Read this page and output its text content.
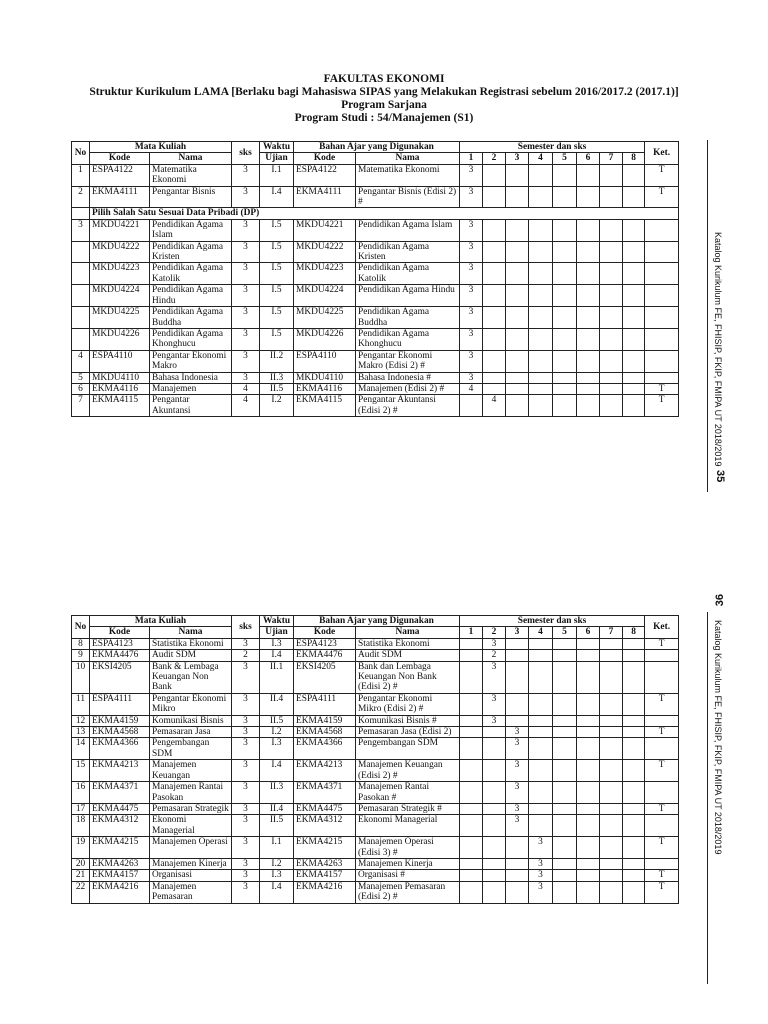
FAKULTAS EKONOMI
Struktur Kurikulum LAMA [Berlaku bagi Mahasiswa SIPAS yang Melakukan Registrasi sebelum 2016/2017.2 (2017.1)]
Program Sarjana
Program Studi : 54/Manajemen (S1)
No	Mata Kuliah		sks	Waktu	Bahan Ajar yang Digunakan		Semester dan sks								Ket.
	Kode	Nama		Ujian	Kode	Nama	1	2	3	4	5	6	7	8	
1	ESPA4122	Matematika Ekonomi	3	I.1	ESPA4122	Matematika Ekonomi	3								T
2	EKMA4111	Pengantar Bisnis	3	I.4	EKMA4111	Pengantar Bisnis (Edisi 2) #	3								T
	Pilih Salah Satu Sesuai Data Pribadi (DP)														
3	MKDU4221	Pendidikan Agama Islam	3	I.5	MKDU4221	Pendidikan Agama Islam	3								
	MKDU4222	Pendidikan Agama Kristen	3	I.5	MKDU4222	Pendidikan Agama Kristen	3								
	MKDU4223	Pendidikan Agama Katolik	3	I.5	MKDU4223	Pendidikan Agama Katolik	3								
	MKDU4224	Pendidikan Agama Hindu	3	I.5	MKDU4224	Pendidikan Agama Hindu	3								
	MKDU4225	Pendidikan Agama Buddha	3	I.5	MKDU4225	Pendidikan Agama Buddha	3								
	MKDU4226	Pendidikan Agama Khonghucu	3	I.5	MKDU4226	Pendidikan Agama Khonghucu	3								
4	ESPA4110	Pengantar Ekonomi Makro	3	II.2	ESPA4110	Pengantar Ekonomi Makro (Edisi 2) #	3								
5	MKDU4110	Bahasa Indonesia	3	II.3	MKDU4110	Bahasa Indonesia #	3								
6	EKMA4116	Manajemen	4	II.5	EKMA4116	Manajemen (Edisi 2) #	4								T
7	EKMA4115	Pengantar Akuntansi	4	I.2	EKMA4115	Pengantar Akuntansi (Edisi 2) #		4							T
No	Mata Kuliah		sks	Waktu	Bahan Ajar yang Digunakan		Semester dan sks								Ket.
	Kode	Nama		Ujian	Kode	Nama	1	2	3	4	5	6	7	8	
8	ESPA4123	Statistika Ekonomi	3	I.3	ESPA4123	Statistika Ekonomi		3							T
9	EKMA4476	Audit SDM	2	I.4	EKMA4476	Audit SDM		2							
10	EKSI4205	Bank & Lembaga Keuangan Non Bank	3	II.1	EKSI4205	Bank dan Lembaga Keuangan Non Bank (Edisi 2) #		3							
11	ESPA4111	Pengantar Ekonomi Mikro	3	II.4	ESPA4111	Pengantar Ekonomi Mikro (Edisi 2) #		3							T
12	EKMA4159	Komunikasi Bisnis	3	II.5	EKMA4159	Komunikasi Bisnis #		3							
13	EKMA4568	Pemasaran Jasa	3	I.2	EKMA4568	Pemasaran Jasa (Edisi 2)			3						T
14	EKMA4366	Pengembangan SDM	3	I.3	EKMA4366	Pengembangan SDM			3						
15	EKMA4213	Manajemen Keuangan	3	I.4	EKMA4213	Manajemen Keuangan (Edisi 2) #			3						T
16	EKMA4371	Manajemen Rantai Pasokan	3	II.3	EKMA4371	Manajemen Rantai Pasokan #			3						
17	EKMA4475	Pemasaran Strategik	3	II.4	EKMA4475	Pemasaran Strategik #			3						T
18	EKMA4312	Ekonomi Managerial	3	II.5	EKMA4312	Ekonomi Managerial			3						
19	EKMA4215	Manajemen Operasi	3	I.1	EKMA4215	Manajemen Operasi (Edisi 3) #				3					T
20	EKMA4263	Manajemen Kinerja	3	I.2	EKMA4263	Manajemen Kinerja				3					
21	EKMA4157	Organisasi	3	I.3	EKMA4157	Organisasi #				3					T
22	EKMA4216	Manajemen Pemasaran	3	I.4	EKMA4216	Manajemen Pemasaran (Edisi 2) #				3					T
Katalog Kurikulum FE, FHISIP, FKIP, FMIPA UT 2018/2019
35
36
Katalog Kurikulum FE, FHISIP, FKIP, FMIPA UT 2018/2019
